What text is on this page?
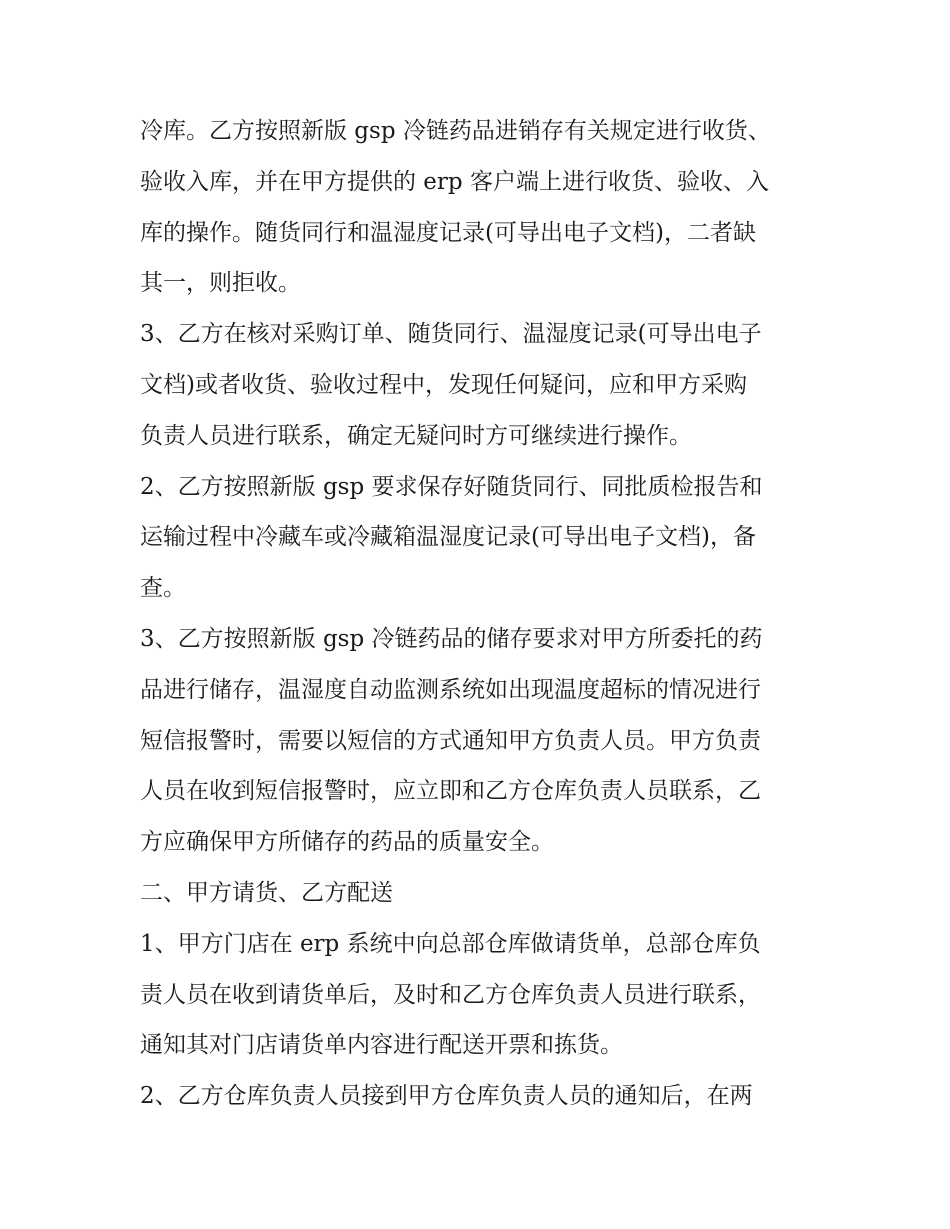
冷库。乙方按照新版 gsp 冷链药品进销存有关规定进行收货、
验收入库，并在甲方提供的 erp 客户端上进行收货、验收、入
库的操作。随货同行和温湿度记录(可导出电子文档)，二者缺
其一，则拒收。
3、乙方在核对采购订单、随货同行、温湿度记录(可导出电子
文档)或者收货、验收过程中，发现任何疑问，应和甲方采购
负责人员进行联系，确定无疑问时方可继续进行操作。
2、乙方按照新版 gsp 要求保存好随货同行、同批质检报告和
运输过程中冷藏车或冷藏箱温湿度记录(可导出电子文档)，备
查。
3、乙方按照新版 gsp 冷链药品的储存要求对甲方所委托的药
品进行储存，温湿度自动监测系统如出现温度超标的情况进行
短信报警时，需要以短信的方式通知甲方负责人员。甲方负责
人员在收到短信报警时，应立即和乙方仓库负责人员联系，乙
方应确保甲方所储存的药品的质量安全。
二、甲方请货、乙方配送
1、甲方门店在 erp 系统中向总部仓库做请货单，总部仓库负
责人员在收到请货单后，及时和乙方仓库负责人员进行联系，
通知其对门店请货单内容进行配送开票和拣货。
2、乙方仓库负责人员接到甲方仓库负责人员的通知后，在两
